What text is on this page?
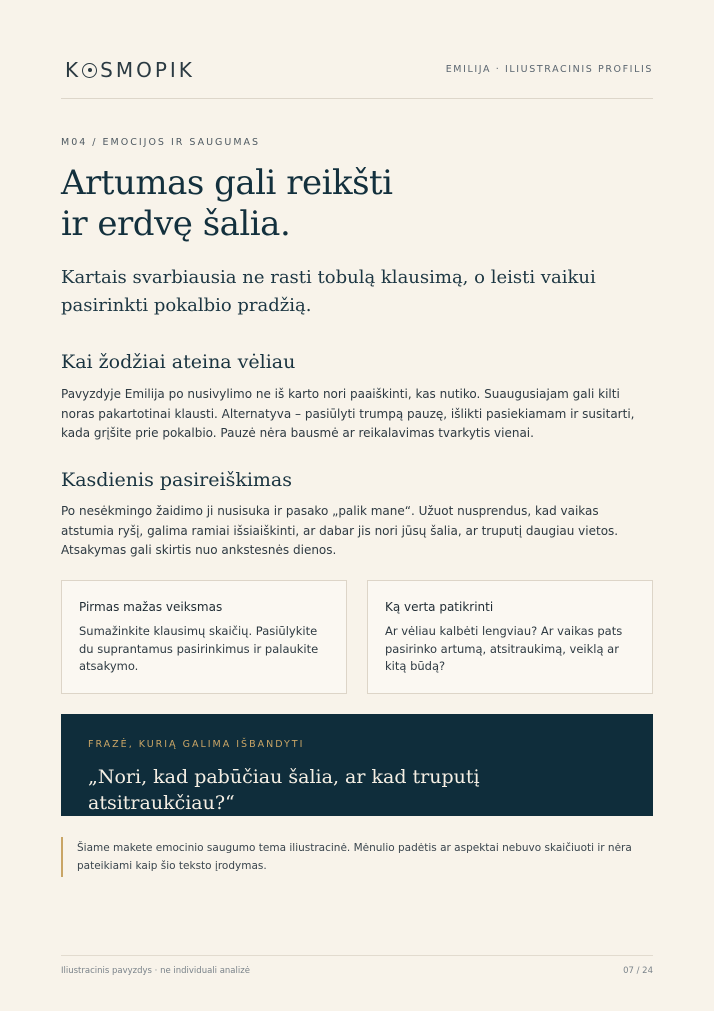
K SMOPIK	EMILIJA · ILIUSTRACINIS PROFILIS
M04 / EMOCIJOS IR SAUGUMAS
Artumas gali reikšti
ir erdvę šalia.

Kartais svarbiausia ne rasti tobulą klausimą, o leisti vaikui pasirinkti pokalbio pradžią.

Kai žodžiai ateina vėliau

Pavyzdyje Emilija po nusivylimo ne iš karto nori paaiškinti, kas nutiko. Suaugusiajam gali kilti noras pakartotinai klausti. Alternatyva – pasiūlyti trumpą pauzę, išlikti pasiekiamam ir susitarti, kada grįšite prie pokalbio. Pauzė nėra bausmė ar reikalavimas tvarkytis vienai.

Kasdienis pasireiškimas

Po nesėkmingo žaidimo ji nusisuka ir pasako „palik mane“. Užuot nusprendus, kad vaikas atstumia ryšį, galima ramiai išsiaiškinti, ar dabar jis nori jūsų šalia, ar truputį daugiau vietos. Atsakymas gali skirtis nuo ankstesnės dienos.

Pirmas mažas veiksmas

Sumažinkite klausimų skaičių. Pasiūlykite du suprantamus pasirinkimus ir palaukite atsakymo.

Ką verta patikrinti

Ar vėliau kalbėti lengviau? Ar vaikas pats pasirinko artumą, atsitraukimą, veiklą ar kitą būdą?

FRAZĖ, KURIĄ GALIMA IŠBANDYTI

„Nori, kad pabūčiau šalia, ar kad truputį atsitraukčiau?“

Šiame makete emocinio saugumo tema iliustracinė. Mėnulio padėtis ar aspektai nebuvo skaičiuoti ir nėra pateikiami kaip šio teksto įrodymas.

Iliustracinis pavyzdys · ne individuali analizė	07 / 24
